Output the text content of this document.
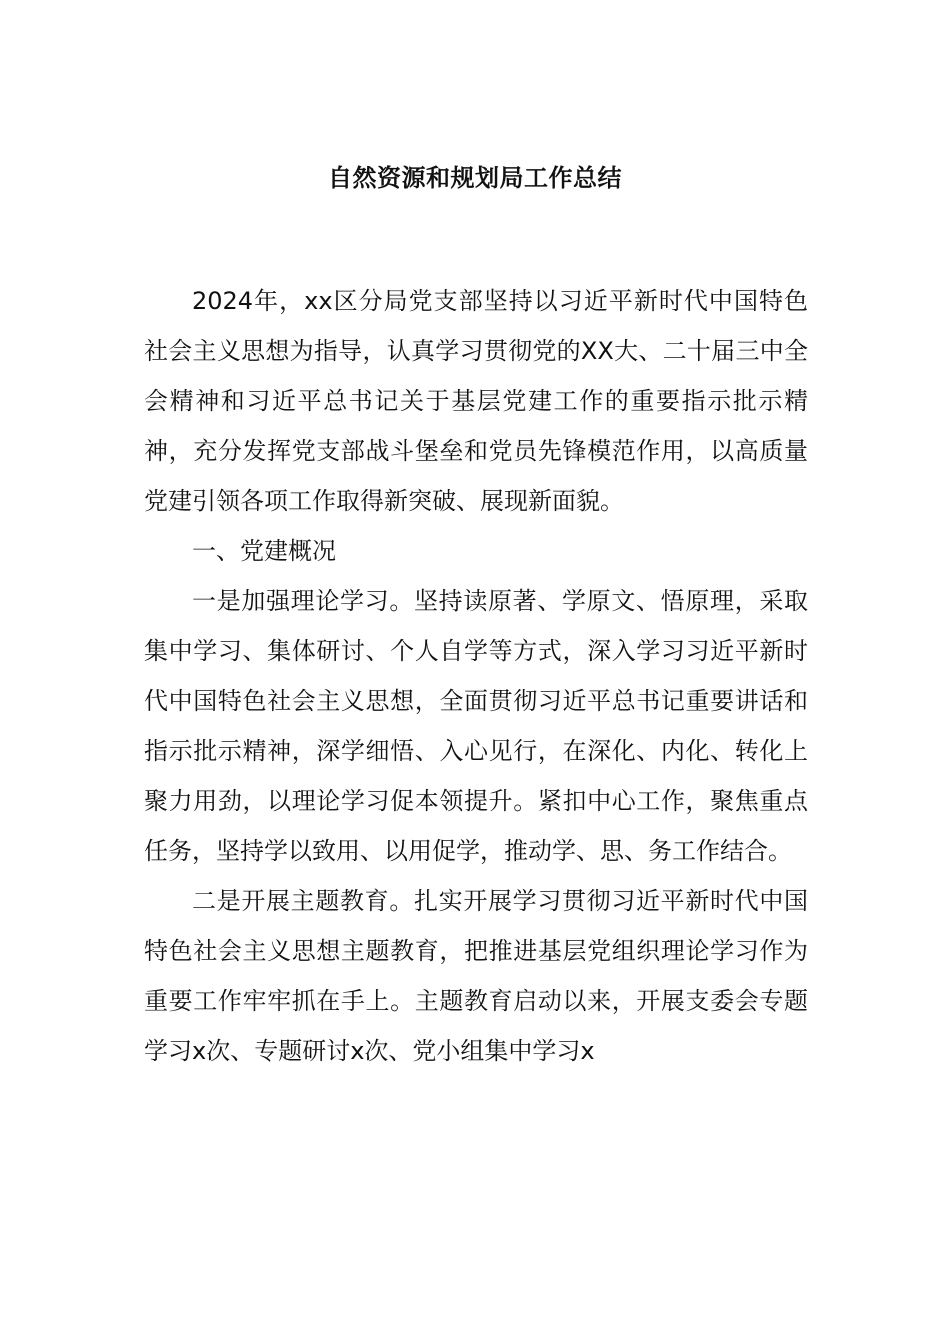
自然资源和规划局工作总结

2024年，xx区分局党支部坚持以习近平新时代中国特色社会主义思想为指导，认真学习贯彻党的XX大、二十届三中全会精神和习近平总书记关于基层党建工作的重要指示批示精神，充分发挥党支部战斗堡垒和党员先锋模范作用，以高质量党建引领各项工作取得新突破、展现新面貌。

一、党建概况

一是加强理论学习。坚持读原著、学原文、悟原理，采取集中学习、集体研讨、个人自学等方式，深入学习习近平新时代中国特色社会主义思想，全面贯彻习近平总书记重要讲话和指示批示精神，深学细悟、入心见行，在深化、内化、转化上聚力用劲，以理论学习促本领提升。紧扣中心工作，聚焦重点任务，坚持学以致用、以用促学，推动学、思、务工作结合。

二是开展主题教育。扎实开展学习贯彻习近平新时代中国特色社会主义思想主题教育，把推进基层党组织理论学习作为重要工作牢牢抓在手上。主题教育启动以来，开展支委会专题学习x次、专题研讨x次、党小组集中学习x
